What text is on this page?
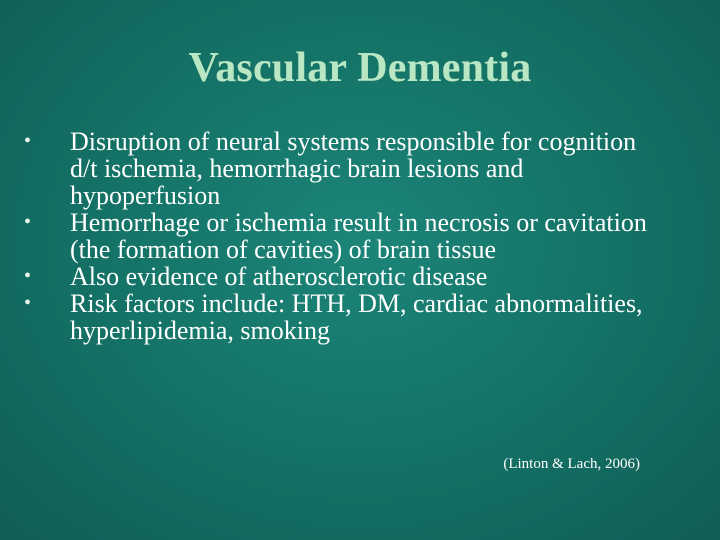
Vascular Dementia
•	Disruption of neural systems responsible for cognition d/t ischemia, hemorrhagic brain lesions and hypoperfusion
•	Hemorrhage or ischemia result in necrosis or cavitation (the formation of cavities) of brain tissue
•	Also evidence of atherosclerotic disease
•	Risk factors include: HTH, DM, cardiac abnormalities, hyperlipidemia, smoking
(Linton & Lach, 2006)
